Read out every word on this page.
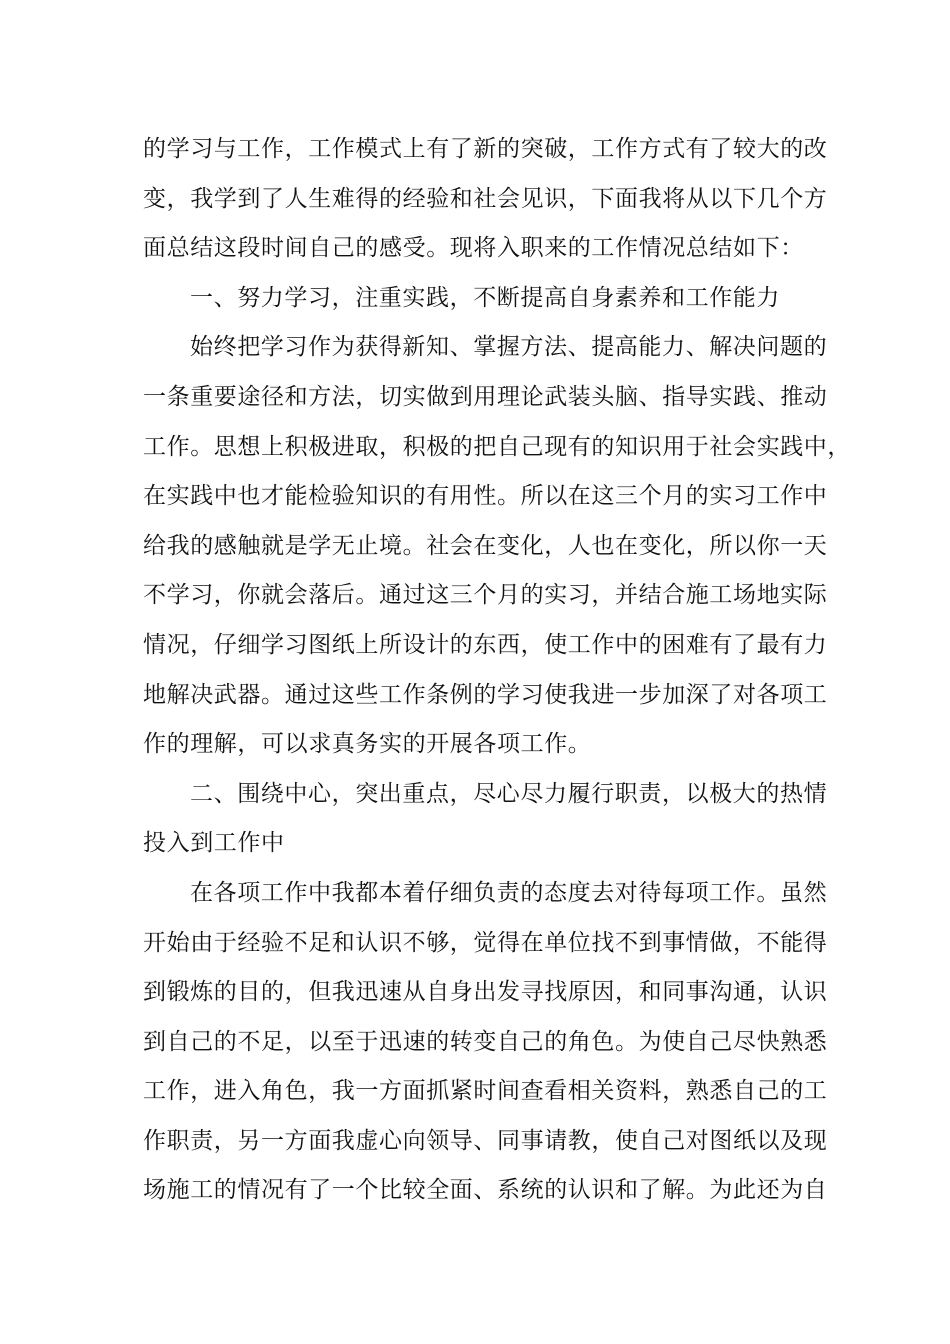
的学习与工作，工作模式上有了新的突破，工作方式有了较大的改
变，我学到了人生难得的经验和社会见识，下面我将从以下几个方
面总结这段时间自己的感受。现将入职来的工作情况总结如下：
一、努力学习，注重实践，不断提高自身素养和工作能力
始终把学习作为获得新知、掌握方法、提高能力、解决问题的
一条重要途径和方法，切实做到用理论武装头脑、指导实践、推动
工作。思想上积极进取，积极的把自己现有的知识用于社会实践中，
在实践中也才能检验知识的有用性。所以在这三个月的实习工作中
给我的感触就是学无止境。社会在变化，人也在变化，所以你一天
不学习，你就会落后。通过这三个月的实习，并结合施工场地实际
情况，仔细学习图纸上所设计的东西，使工作中的困难有了最有力
地解决武器。通过这些工作条例的学习使我进一步加深了对各项工
作的理解，可以求真务实的开展各项工作。
二、围绕中心，突出重点，尽心尽力履行职责，以极大的热情
投入到工作中
在各项工作中我都本着仔细负责的态度去对待每项工作。虽然
开始由于经验不足和认识不够，觉得在单位找不到事情做，不能得
到锻炼的目的，但我迅速从自身出发寻找原因，和同事沟通，认识
到自己的不足，以至于迅速的转变自己的角色。为使自己尽快熟悉
工作，进入角色，我一方面抓紧时间查看相关资料，熟悉自己的工
作职责，另一方面我虚心向领导、同事请教，使自己对图纸以及现
场施工的情况有了一个比较全面、系统的认识和了解。为此还为自
